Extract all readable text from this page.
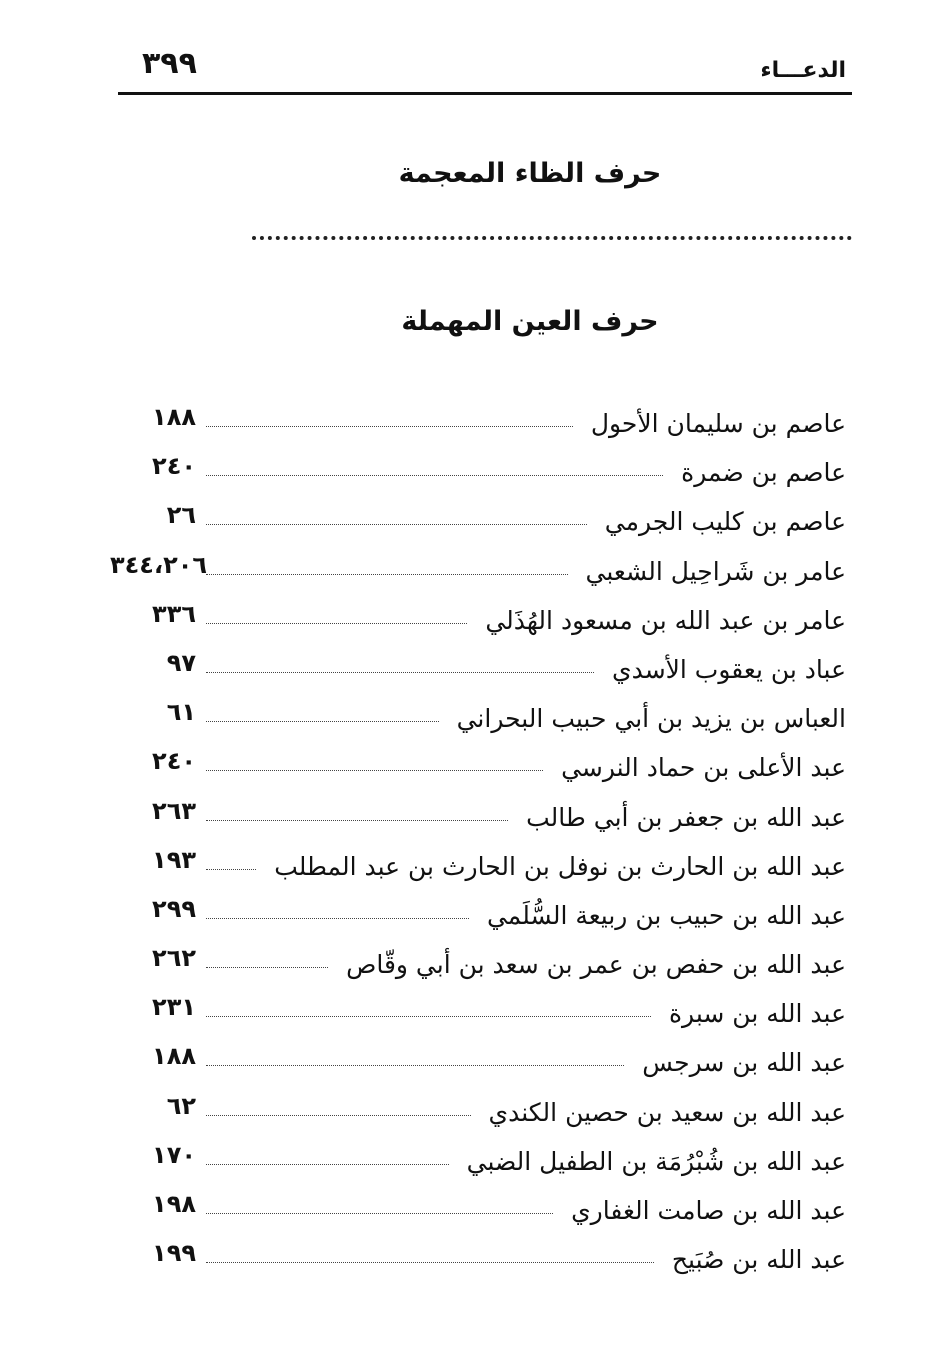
٣٩٩	الدعـــاء
حرف الظاء المعجمة
حرف العين المهملة
١٨٨	عاصم بن سليمان الأحول
٢٤٠	عاصم بن ضمرة
٢٦	عاصم بن كليب الجرمي
٣٤٤،٢٠٦	عامر بن شَراحِيل الشعبي
٣٣٦	عامر بن عبد الله بن مسعود الهُذَلي
٩٧	عباد بن يعقوب الأسدي
٦١	العباس بن يزيد بن أبي حبيب البحراني
٢٤٠	عبد الأعلى بن حماد النرسي
٢٦٣	عبد الله بن جعفر بن أبي طالب
١٩٣	عبد الله بن الحارث بن نوفل بن الحارث بن عبد المطلب
٢٩٩	عبد الله بن حبيب بن ربيعة السُّلَمي
٢٦٢	عبد الله بن حفص بن عمر بن سعد بن أبي وقّاص
٢٣١	عبد الله بن سبرة
١٨٨	عبد الله بن سرجس
٦٢	عبد الله بن سعيد بن حصين الكندي
١٧٠	عبد الله بن شُبْرُمَة بن الطفيل الضبي
١٩٨	عبد الله بن صامت الغفاري
١٩٩	عبد الله بن صُبَيح
